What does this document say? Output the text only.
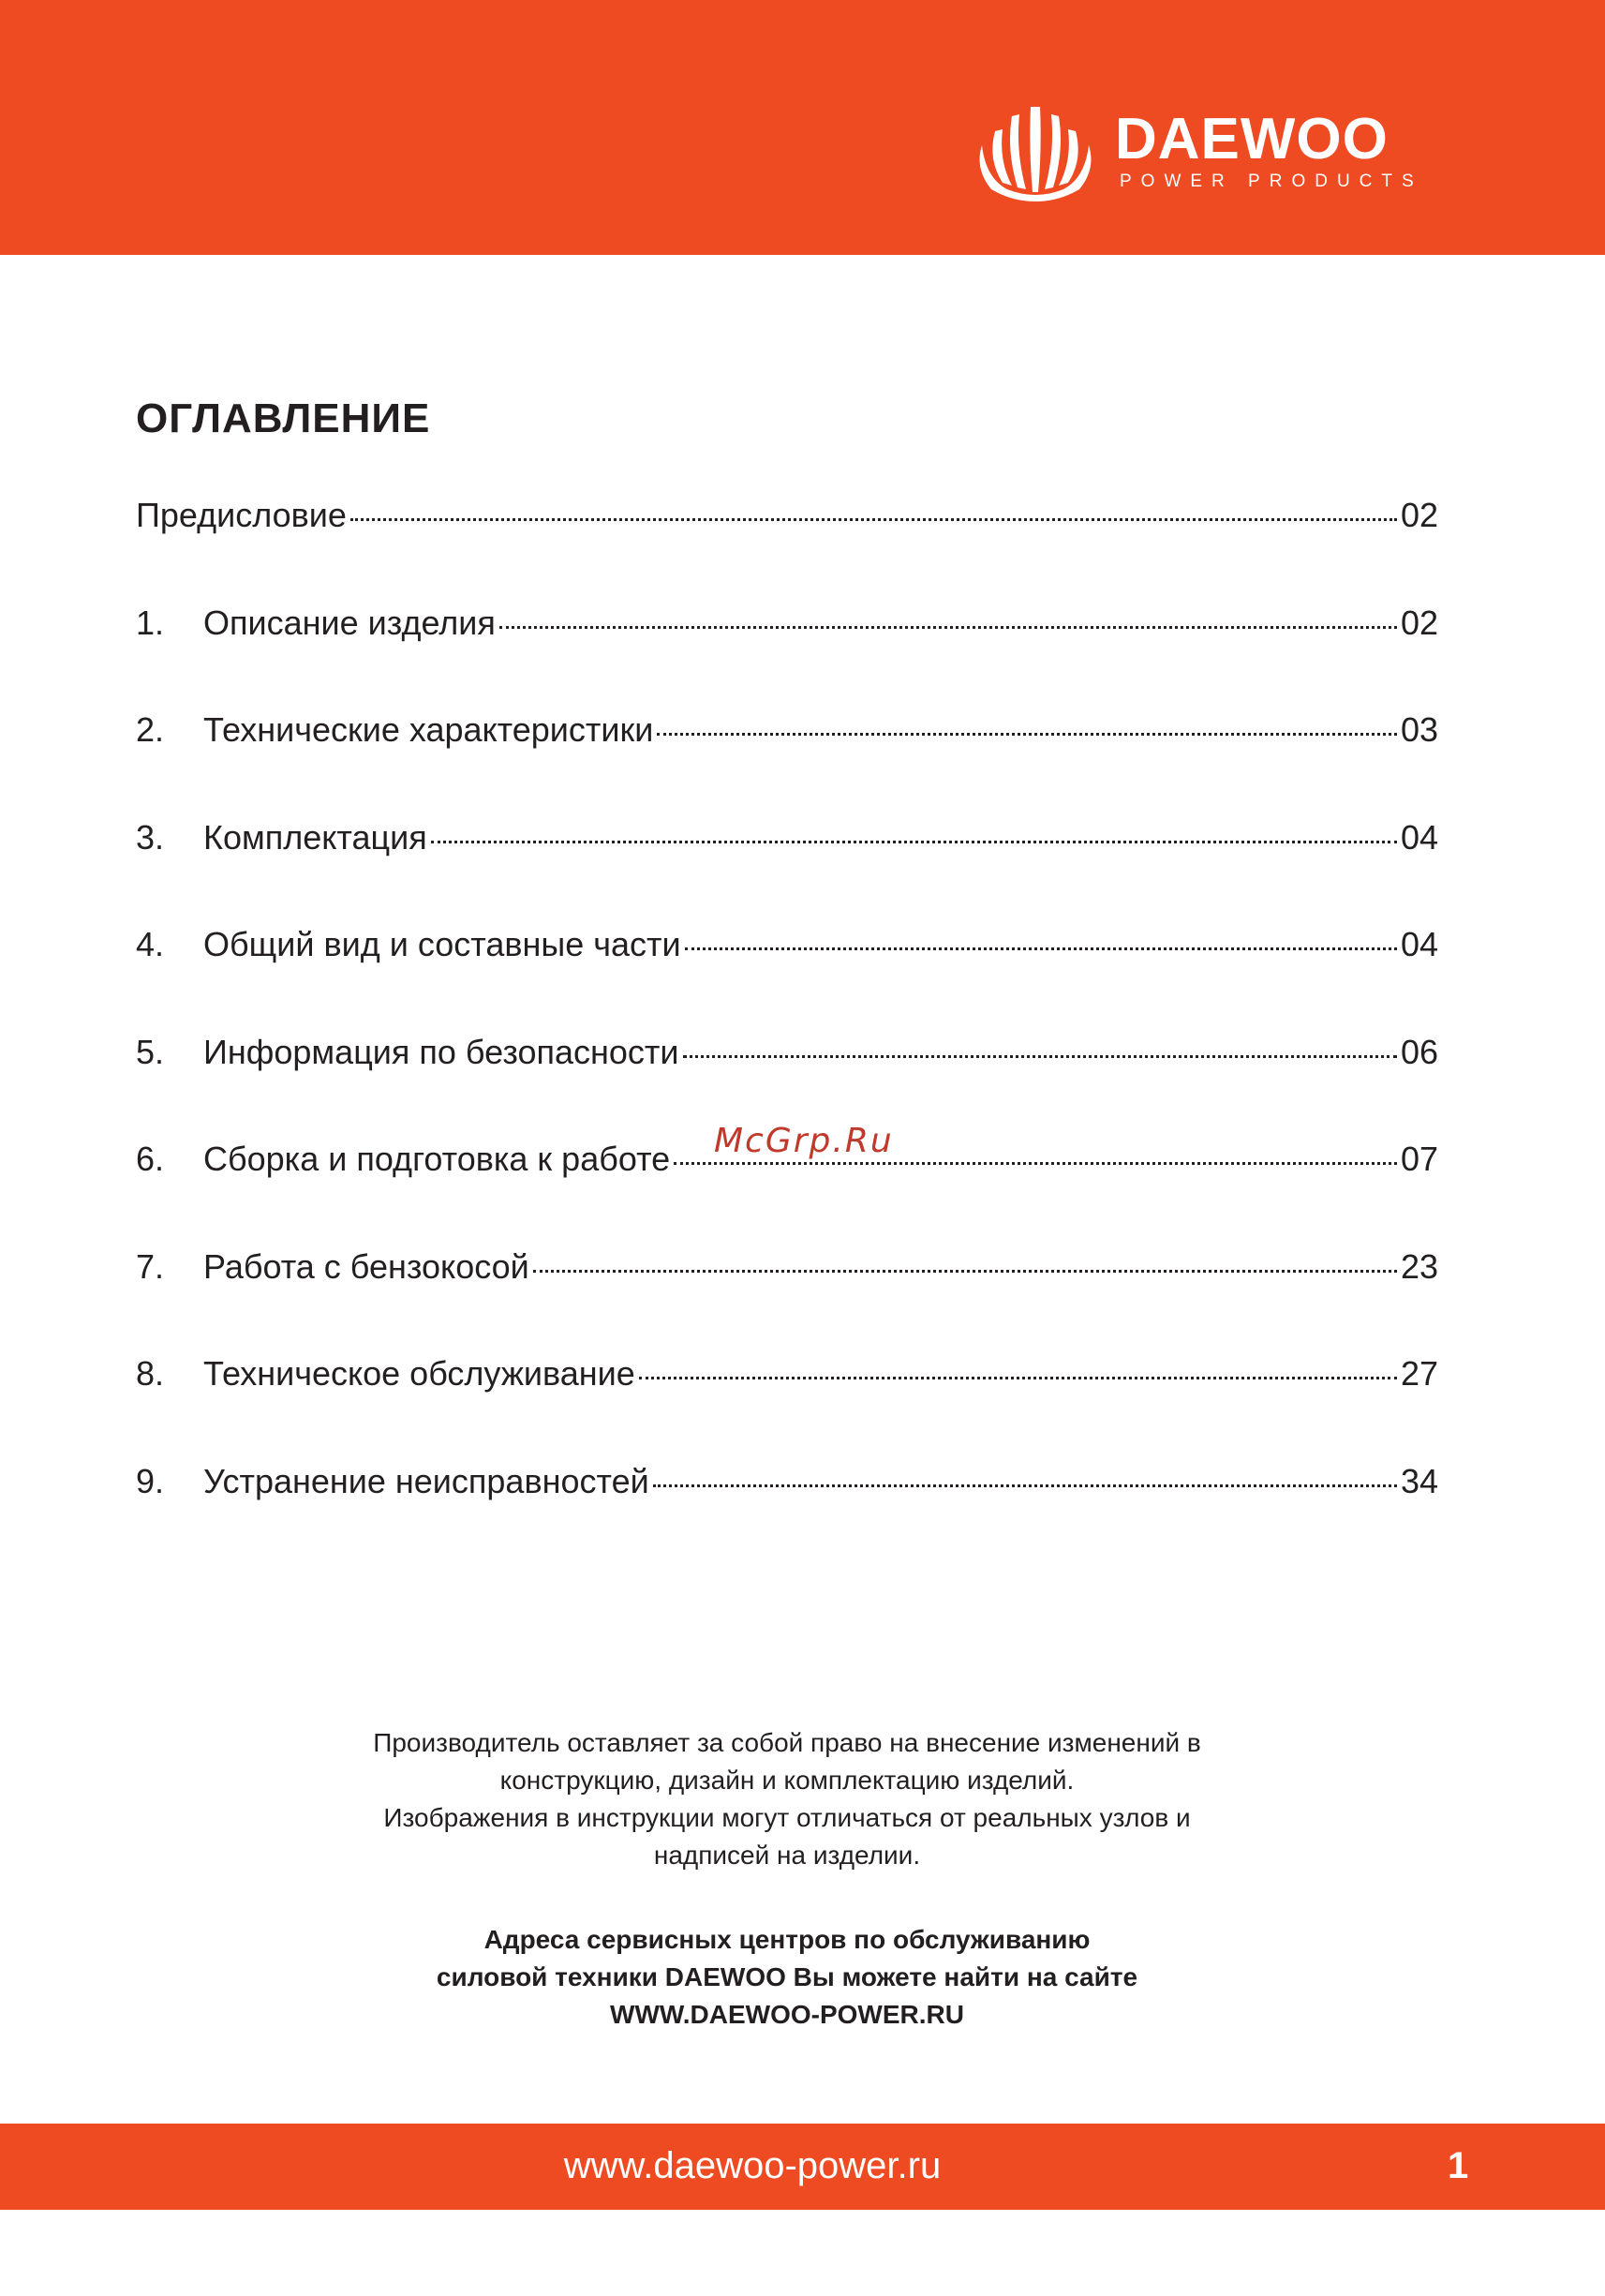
DAEWOO
POWER PRODUCTS
ОГЛАВЛЕНИЕ
Предисловие	02
1.	Описание изделия	02
2.	Технические характеристики	03
3.	Комплектация	04
4.	Общий вид и составные части	04
5.	Информация по безопасности	06
6.	Сборка и подготовка к работе	07
7.	Работа с бензокосой	23
8.	Техническое обслуживание	27
9.	Устранение неисправностей	34
McGrp.Ru

Производитель оставляет за собой право на внесение изменений в

конструкцию, дизайн и комплектацию изделий.

Изображения в инструкции могут отличаться от реальных узлов и

надписей на изделии.

Адреса сервисных центров по обслуживанию

силовой техники DAEWOO Вы можете найти на сайте

WWW.DAEWOO-POWER.RU

www.daewoo-power.ru	1
